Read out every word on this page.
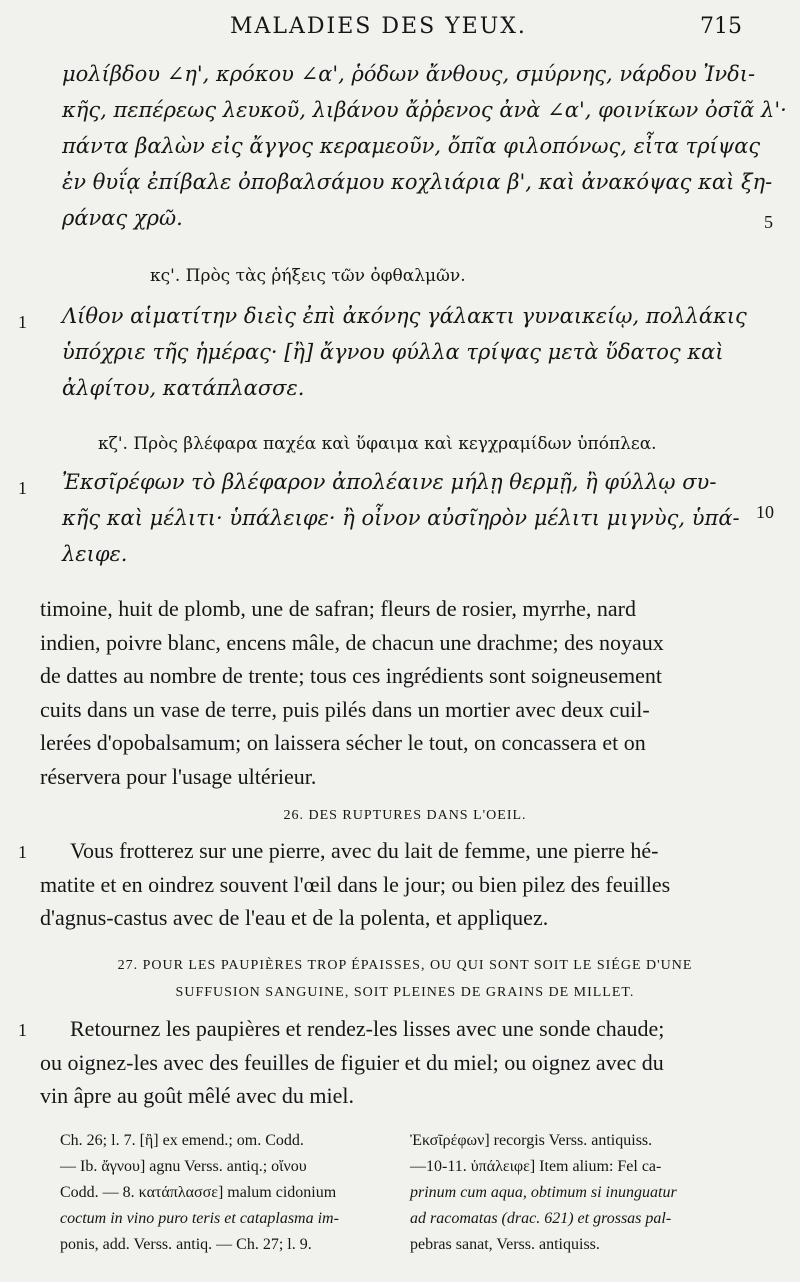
MALADIES DES YEUX.	715

μολίβδου ∠η', κρόκου ∠α', ῥόδων ἄνθους, σμύρνης, νάρδου Ἰνδι-

κῆς, πεπέρεως λευκοῦ, λιβάνου ἄῤῥενος ἀνὰ ∠α', φοινίκων ὀσῖᾶ λ'·

πάντα βαλὼν εἰς ἄγγος κεραμεοῦν, ὄπῖα φιλοπόνως, εἶτα τρίψας

ἐν θυΐᾳ ἐπίβαλε ὀποβαλσάμου κοχλιάρια β', καὶ ἀνακόψας καὶ ξη-

ράνας χρῶ.	5
κς'. Πρὸς τὰς ῥήξεις τῶν ὀφθαλμῶν.
1 Λίθον αἱματίτην διεὶς ἐπὶ ἀκόνης γάλακτι γυναικείῳ, πολλάκις

ὑπόχριε τῆς ἡμέρας· [ἢ] ἄγνου φύλλα τρίψας μετὰ ὕδατος καὶ

ἀλφίτου, κατάπλασσε.

κζ'. Πρὸς βλέφαρα παχέα καὶ ὕφαιμα καὶ κεγχραμίδων ὑπόπλεα.
1 Ἐκσῖρέφων τὸ βλέφαρον ἀπολέαινε μήλῃ θερμῇ, ἢ φύλλῳ συ-

κῆς καὶ μέλιτι· ὑπάλειφε· ἢ οἶνον αὐσῖηρὸν μέλιτι μιγνὺς, ὑπά-

λειφε.

10

timoine, huit de plomb, une de safran; fleurs de rosier, myrrhe, nard

indien, poivre blanc, encens mâle, de chacun une drachme; des noyaux

de dattes au nombre de trente; tous ces ingrédients sont soigneusement

cuits dans un vase de terre, puis pilés dans un mortier avec deux cuil-

lerées d'opobalsamum; on laissera sécher le tout, on concassera et on

réservera pour l'usage ultérieur.

26. DES RUPTURES DANS L'OEIL.
1 Vous frotterez sur une pierre, avec du lait de femme, une pierre hé-

matite et en oindrez souvent l'œil dans le jour; ou bien pilez des feuilles

d'agnus-castus avec de l'eau et de la polenta, et appliquez.

27. POUR LES PAUPIÈRES TROP ÉPAISSES, OU QUI SONT SOIT LE SIÉGE D'UNE
SUFFUSION SANGUINE, SOIT PLEINES DE GRAINS DE MILLET.
1 Retournez les paupières et rendez-les lisses avec une sonde chaude;

ou oignez-les avec des feuilles de figuier et du miel; ou oignez avec du

vin âpre au goût mêlé avec du miel.

Ch. 26; l. 7. [ἢ] ex emend.; om. Codd.

— Ib. ἄγνου] agnu Verss. antiq.; οἴνου

Codd. — 8. κατάπλασσε] malum cidonium

coctum in vino puro teris et cataplasma im-

ponis, add. Verss. antiq. — Ch. 27; l. 9.

Ἐκσῖρέφων] recorgis Verss. antiquiss.

—10-11. ὑπάλειφε] Item alium: Fel ca-

prinum cum aqua, obtimum si inunguatur

ad racomatas (drac. 621) et grossas pal-

pebras sanat, Verss. antiquiss.
